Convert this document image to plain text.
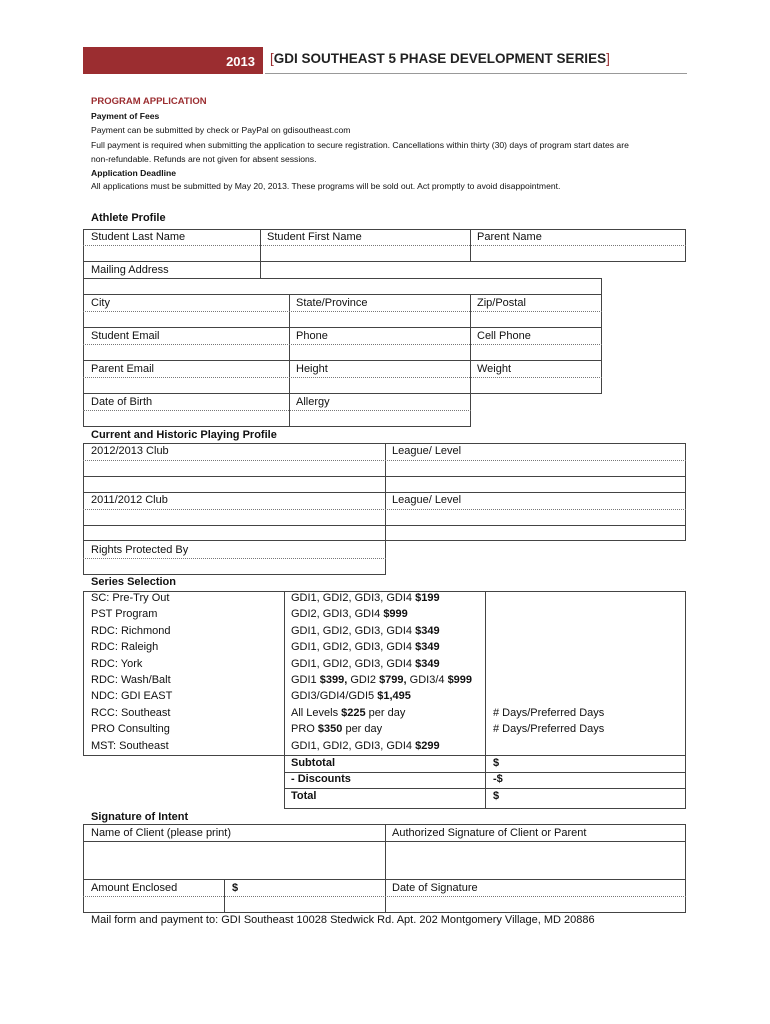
2013	[GDI SOUTHEAST 5 PHASE DEVELOPMENT SERIES]
PROGRAM APPLICATION
Payment of Fees
Payment can be submitted by check or PayPal on gdisoutheast.com
Full payment is required when submitting the application to secure registration. Cancellations within thirty (30) days of program start dates are
non-refundable. Refunds are not given for absent sessions.
Application Deadline
All applications must be submitted by May 20, 2013. These programs will be sold out. Act promptly to avoid disappointment.
Athlete Profile
Student Last Name	Student First Name	Parent Name
Mailing Address
City	State/Province	Zip/Postal
Student Email	Phone	Cell Phone
Parent Email	Height	Weight
Date of Birth	Allergy
Current and Historic Playing Profile
2012/2013 Club	League/ Level
2011/2012 Club	League/ Level
Rights Protected By
Series Selection
SC: Pre-Try Out	GDI1, GDI2, GDI3, GDI4 $199
PST Program	GDI2, GDI3, GDI4 $999
RDC: Richmond	GDI1, GDI2, GDI3, GDI4 $349
RDC: Raleigh	GDI1, GDI2, GDI3, GDI4 $349
RDC: York	GDI1, GDI2, GDI3, GDI4 $349
RDC: Wash/Balt	GDI1 $399, GDI2 $799, GDI3/4 $999
NDC: GDI EAST	GDI3/GDI4/GDI5 $1,495
RCC: Southeast	All Levels $225 per day	# Days/Preferred Days
PRO Consulting	PRO $350 per day	# Days/Preferred Days
MST: Southeast	GDI1, GDI2, GDI3, GDI4 $299
Subtotal	$
- Discounts	-$
Total	$
Signature of Intent
Name of Client (please print)	Authorized Signature of Client or Parent
Amount Enclosed	$	Date of Signature
Mail form and payment to: GDI Southeast 10028 Stedwick Rd. Apt. 202 Montgomery Village, MD 20886
